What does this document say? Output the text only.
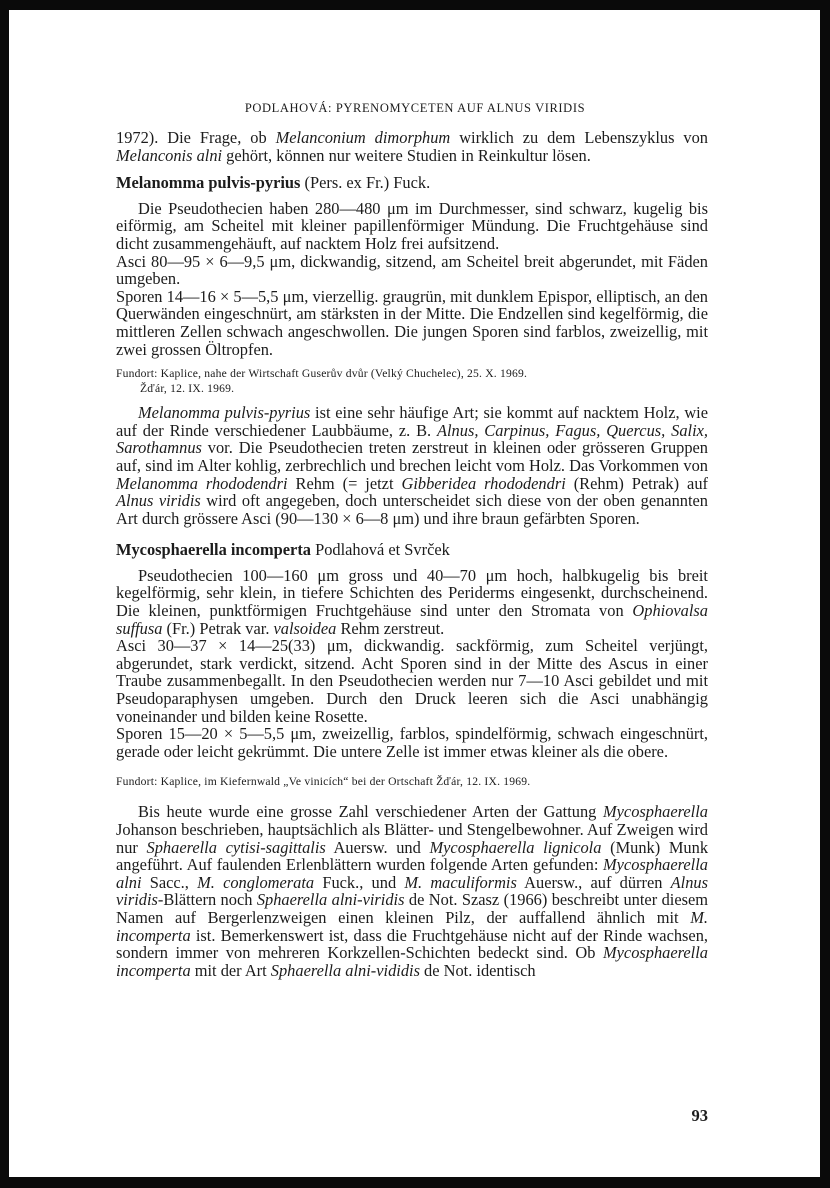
PODLAHOVÁ: PYRENOMYCETEN AUF ALNUS VIRIDIS

1972). Die Frage, ob Melanconium dimorphum wirklich zu dem Lebenszyklus von Melanconis alni gehört, können nur weitere Studien in Reinkultur lösen.

Melanomma pulvis-pyrius (Pers. ex Fr.) Fuck.

Die Pseudothecien haben 280—480 μm im Durchmesser, sind schwarz, kugelig bis eiförmig, am Scheitel mit kleiner papillenförmiger Mündung. Die Fruchtgehäuse sind dicht zusammengehäuft, auf nacktem Holz frei aufsitzend.

Asci 80—95 × 6—9,5 μm, dickwandig, sitzend, am Scheitel breit abgerundet, mit Fäden umgeben.

Sporen 14—16 × 5—5,5 μm, vierzellig. graugrün, mit dunklem Epispor, elliptisch, an den Querwänden eingeschnürt, am stärksten in der Mitte. Die Endzellen sind kegelförmig, die mittleren Zellen schwach angeschwollen. Die jungen Sporen sind farblos, zweizellig, mit zwei grossen Öltropfen.

Fundort: Kaplice, nahe der Wirtschaft Guserův dvůr (Velký Chuchelec), 25. X. 1969.
Žďár, 12. IX. 1969.

Melanomma pulvis-pyrius ist eine sehr häufige Art; sie kommt auf nacktem Holz, wie auf der Rinde verschiedener Laubbäume, z. B. Alnus, Carpinus, Fagus, Quercus, Salix, Sarothamnus vor. Die Pseudothecien treten zerstreut in kleinen oder grösseren Gruppen auf, sind im Alter kohlig, zerbrechlich und brechen leicht vom Holz. Das Vorkommen von Melanomma rhododendri Rehm (= jetzt Gibberidea rhododendri (Rehm) Petrak) auf Alnus viridis wird oft angegeben, doch unterscheidet sich diese von der oben genannten Art durch grössere Asci (90—130 × 6—8 μm) und ihre braun gefärbten Sporen.

Mycosphaerella incomperta Podlahová et Svrček

Pseudothecien 100—160 μm gross und 40—70 μm hoch, halbkugelig bis breit kegelförmig, sehr klein, in tiefere Schichten des Periderms eingesenkt, durchscheinend. Die kleinen, punktförmigen Fruchtgehäuse sind unter den Stromata von Ophiovalsa suffusa (Fr.) Petrak var. valsoidea Rehm zerstreut.

Asci 30—37 × 14—25(33) μm, dickwandig. sackförmig, zum Scheitel verjüngt, abgerundet, stark verdickt, sitzend. Acht Sporen sind in der Mitte des Ascus in einer Traube zusammenbegallt. In den Pseudothecien werden nur 7—10 Asci gebildet und mit Pseudoparaphysen umgeben. Durch den Druck leeren sich die Asci unabhängig voneinander und bilden keine Rosette.

Sporen 15—20 × 5—5,5 μm, zweizellig, farblos, spindelförmig, schwach eingeschnürt, gerade oder leicht gekrümmt. Die untere Zelle ist immer etwas kleiner als die obere.

Fundort: Kaplice, im Kiefernwald „Ve vinicích“ bei der Ortschaft Žďár, 12. IX. 1969.

Bis heute wurde eine grosse Zahl verschiedener Arten der Gattung Mycosphaerella Johanson beschrieben, hauptsächlich als Blätter- und Stengelbewohner. Auf Zweigen wird nur Sphaerella cytisi-sagittalis Auersw. und Mycosphaerella lignicola (Munk) Munk angeführt. Auf faulenden Erlenblättern wurden folgende Arten gefunden: Mycosphaerella alni Sacc., M. conglomerata Fuck., und M. maculiformis Auersw., auf dürren Alnus viridis-Blättern noch Sphaerella alni-viridis de Not. Szasz (1966) beschreibt unter diesem Namen auf Bergerlenzweigen einen kleinen Pilz, der auffallend ähnlich mit M. incomperta ist. Bemerkenswert ist, dass die Fruchtgehäuse nicht auf der Rinde wachsen, sondern immer von mehreren Korkzellen-Schichten bedeckt sind. Ob Mycosphaerella incomperta mit der Art Sphaerella alni-vididis de Not. identisch

93
